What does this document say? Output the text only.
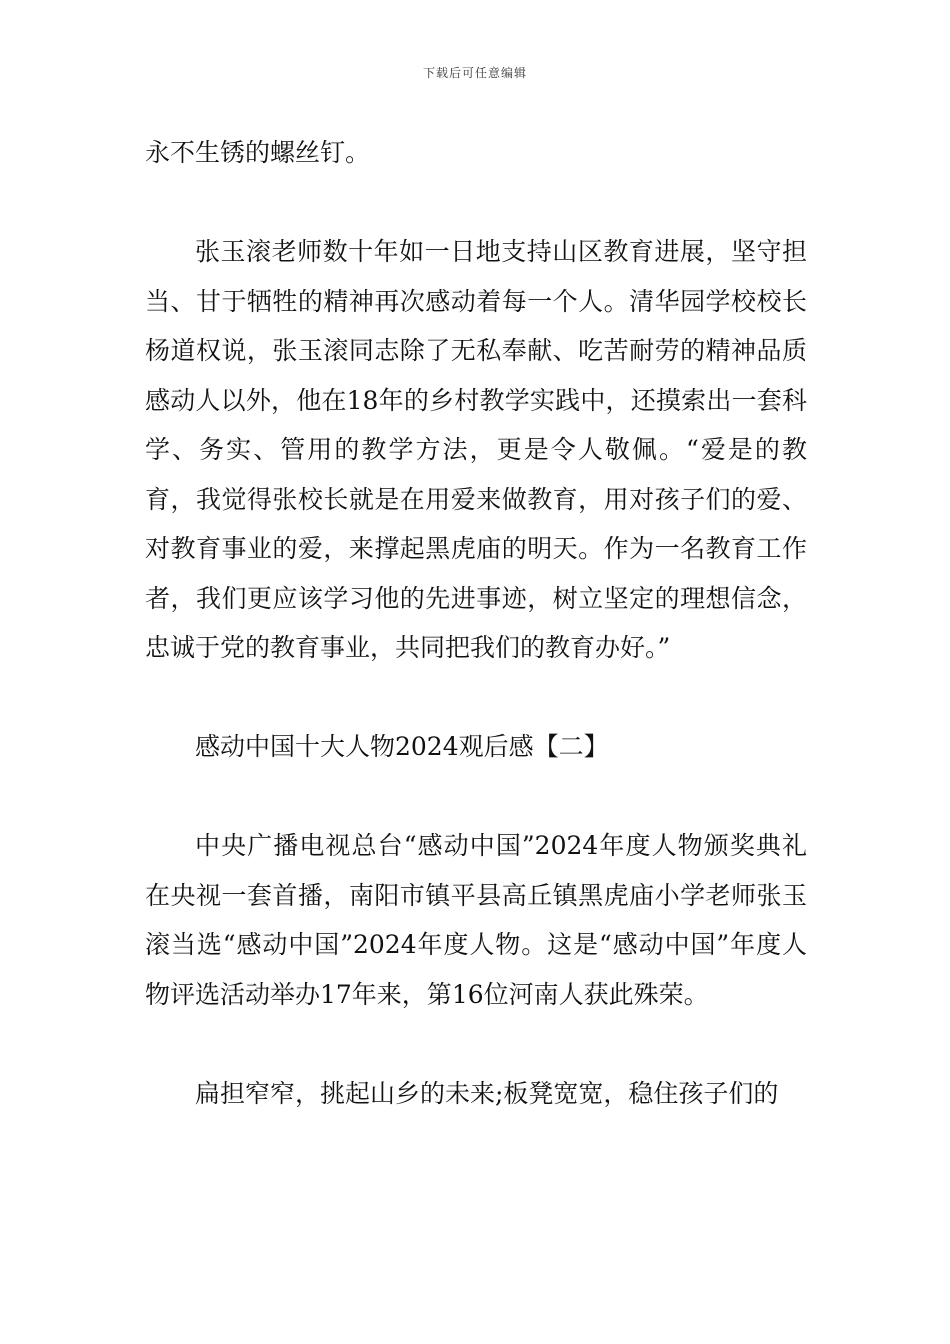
下载后可任意编辑

永不生锈的螺丝钉。

张玉滚老师数十年如一日地支持山区教育进展，坚守担当、甘于牺牲的精神再次感动着每一个人。清华园学校校长杨道权说，张玉滚同志除了无私奉献、吃苦耐劳的精神品质感动人以外，他在18年的乡村教学实践中，还摸索出一套科学、务实、管用的教学方法，更是令人敬佩。“爱是的教育，我觉得张校长就是在用爱来做教育，用对孩子们的爱、对教育事业的爱，来撑起黑虎庙的明天。作为一名教育工作者，我们更应该学习他的先进事迹，树立坚定的理想信念，忠诚于党的教育事业，共同把我们的教育办好。”

感动中国十大人物2024观后感【二】

中央广播电视总台“感动中国”2024年度人物颁奖典礼在央视一套首播，南阳市镇平县高丘镇黑虎庙小学老师张玉滚当选“感动中国”2024年度人物。这是“感动中国”年度人物评选活动举办17年来，第16位河南人获此殊荣。

扁担窄窄，挑起山乡的未来;板凳宽宽，稳住孩子们的
